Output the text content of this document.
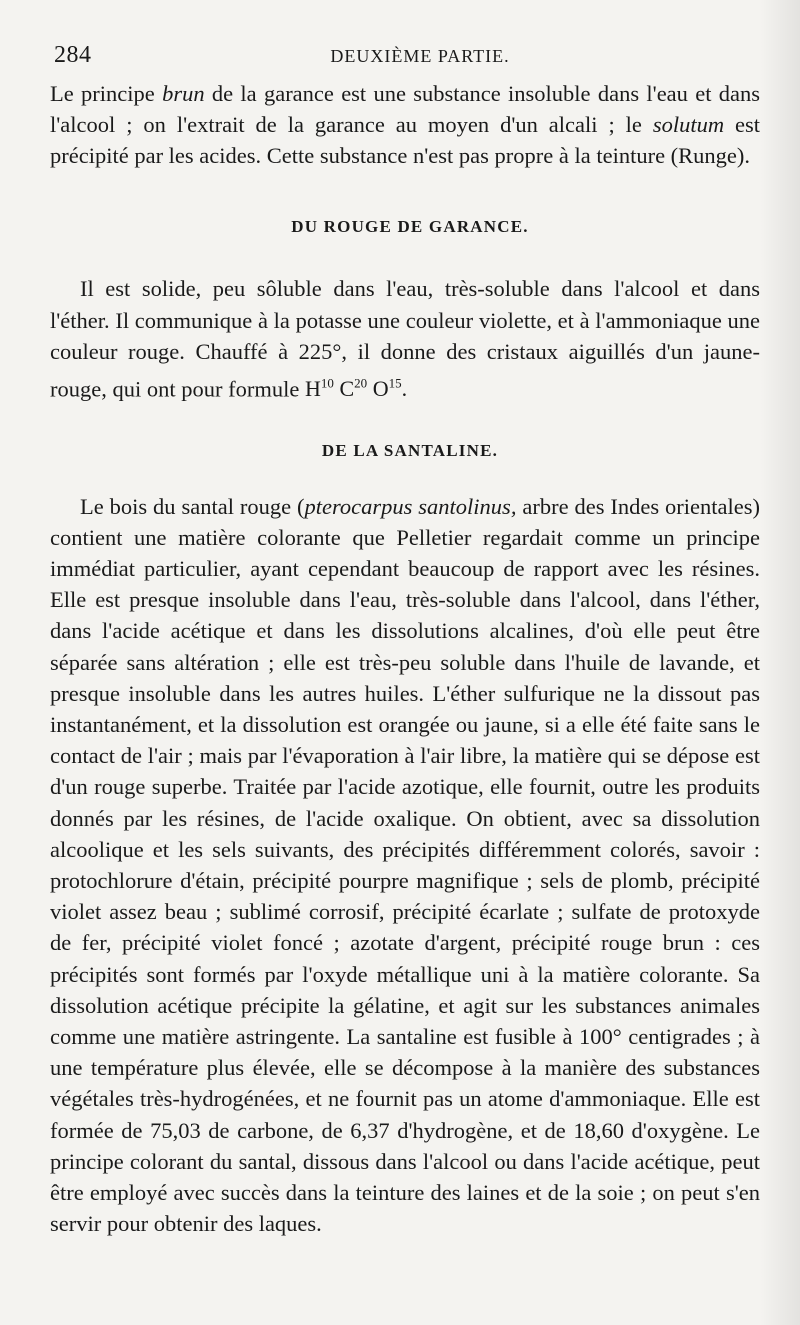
284	DEUXIÈME PARTIE.

Le principe brun de la garance est une substance insoluble dans l'eau et dans l'alcool ; on l'extrait de la garance au moyen d'un alcali ; le solutum est précipité par les acides. Cette substance n'est pas propre à la teinture (Runge).

DU ROUGE DE GARANCE.

Il est solide, peu sôluble dans l'eau, très-soluble dans l'alcool et dans l'éther. Il communique à la potasse une couleur violette, et à l'ammoniaque une couleur rouge. Chauffé à 225°, il donne des cristaux aiguillés d'un jaune-rouge, qui ont pour formule $H^{10}$ $C^{20}$ $O^{15}$.

DE LA SANTALINE.

Le bois du santal rouge (pterocarpus santolinus, arbre des Indes orientales) contient une matière colorante que Pelletier regardait comme un principe immédiat particulier, ayant cependant beaucoup de rapport avec les résines. Elle est presque insoluble dans l'eau, très-soluble dans l'alcool, dans l'éther, dans l'acide acétique et dans les dissolutions alcalines, d'où elle peut être séparée sans altération ; elle est très-peu soluble dans l'huile de lavande, et presque insoluble dans les autres huiles. L'éther sulfurique ne la dissout pas instantanément, et la dissolution est orangée ou jaune, si a elle été faite sans le contact de l'air ; mais par l'évaporation à l'air libre, la matière qui se dépose est d'un rouge superbe. Traitée par l'acide azotique, elle fournit, outre les produits donnés par les résines, de l'acide oxalique. On obtient, avec sa dissolution alcoolique et les sels suivants, des précipités différemment colorés, savoir : protochlorure d'étain, précipité pourpre magnifique ; sels de plomb, précipité violet assez beau ; sublimé corrosif, précipité écarlate ; sulfate de protoxyde de fer, précipité violet foncé ; azotate d'argent, précipité rouge brun : ces précipités sont formés par l'oxyde métallique uni à la matière colorante. Sa dissolution acétique précipite la gélatine, et agit sur les substances animales comme une matière astringente. La santaline est fusible à 100° centigrades ; à une température plus élevée, elle se décompose à la manière des substances végétales très-hydrogénées, et ne fournit pas un atome d'ammoniaque. Elle est formée de 75,03 de carbone, de 6,37 d'hydrogène, et de 18,60 d'oxygène. Le principe colorant du santal, dissous dans l'alcool ou dans l'acide acétique, peut être employé avec succès dans la teinture des laines et de la soie ; on peut s'en servir pour obtenir des laques.
